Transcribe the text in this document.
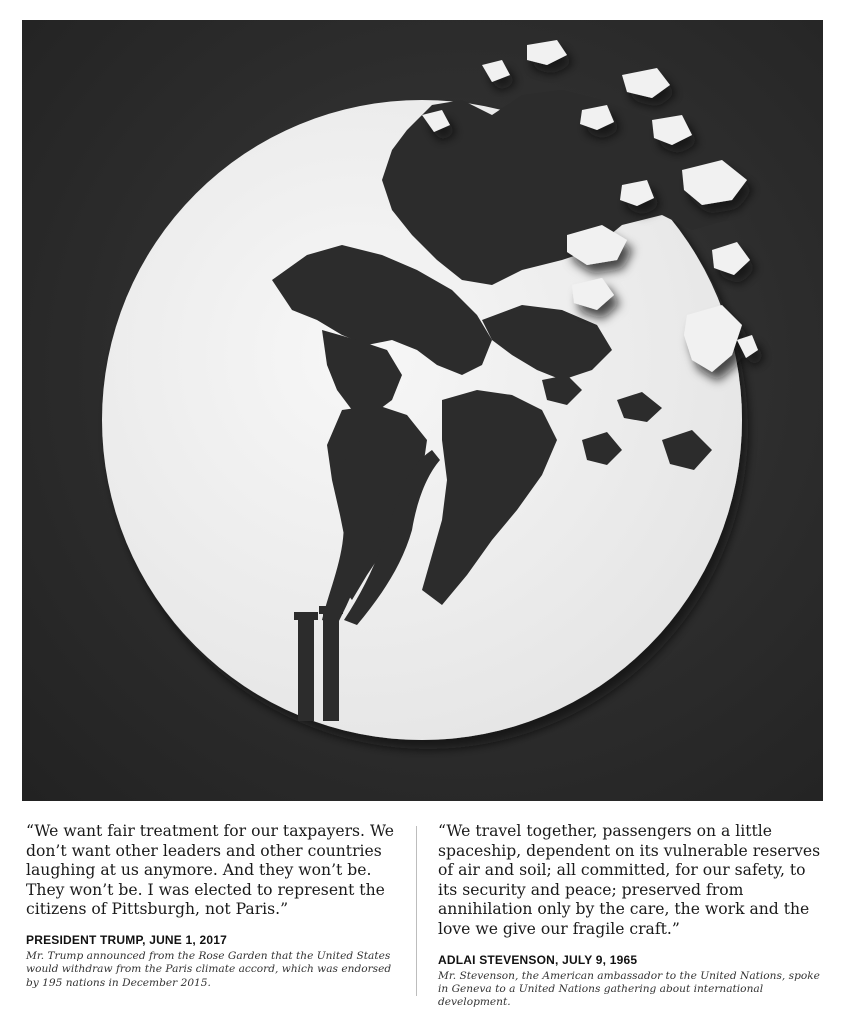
“We want fair treatment for our taxpayers. We don’t want other leaders and other countries laughing at us anymore. And they won’t be. They won’t be. I was elected to represent the citizens of Pittsburgh, not Paris.”

PRESIDENT TRUMP, JUNE 1, 2017

Mr. Trump announced from the Rose Garden that the United States would withdraw from the Paris climate accord, which was endorsed by 195 nations in December 2015.

“We travel together, passengers on a little spaceship, dependent on its vulnerable reserves of air and soil; all committed, for our safety, to its security and peace; preserved from annihilation only by the care, the work and the love we give our fragile craft.”

ADLAI STEVENSON, JULY 9, 1965

Mr. Stevenson, the American ambassador to the United Nations, spoke in Geneva to a United Nations gathering about international development.
